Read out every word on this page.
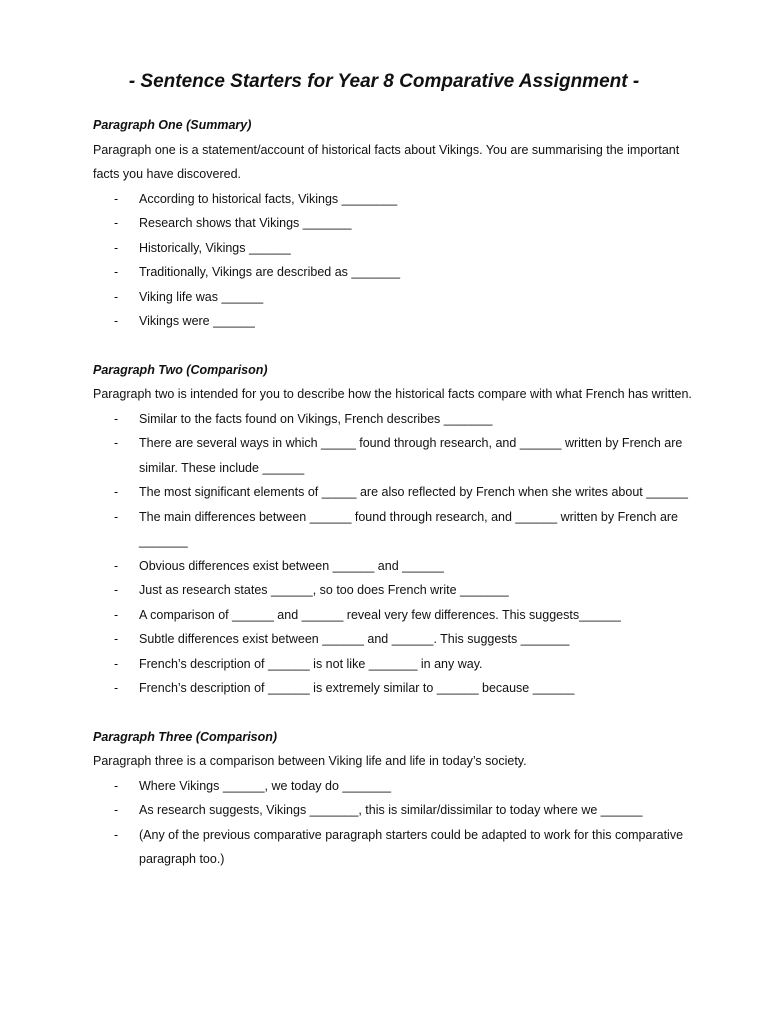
- Sentence Starters for Year 8 Comparative Assignment -
Paragraph One (Summary)

Paragraph one is a statement/account of historical facts about Vikings. You are summarising the important facts you have discovered.

- According to historical facts, Vikings ________
- Research shows that Vikings _______
- Historically, Vikings ______
- Traditionally, Vikings are described as _______
- Viking life was ______
- Vikings were ______
Paragraph Two (Comparison)

Paragraph two is intended for you to describe how the historical facts compare with what French has written.

- Similar to the facts found on Vikings, French describes _______
- There are several ways in which _____ found through research, and ______ written by French are similar. These include ______
- The most significant elements of _____ are also reflected by French when she writes about ______
- The main differences between ______ found through research, and ______ written by French are _______
- Obvious differences exist between ______ and ______
- Just as research states ______, so too does French write _______
- A comparison of ______ and ______ reveal very few differences. This suggests______
- Subtle differences exist between ______ and ______. This suggests _______
- French’s description of ______ is not like _______ in any way.
- French’s description of ______ is extremely similar to ______ because ______
Paragraph Three (Comparison)

Paragraph three is a comparison between Viking life and life in today’s society.

- Where Vikings ______, we today do _______
- As research suggests, Vikings _______, this is similar/dissimilar to today where we ______
- (Any of the previous comparative paragraph starters could be adapted to work for this comparative paragraph too.)
